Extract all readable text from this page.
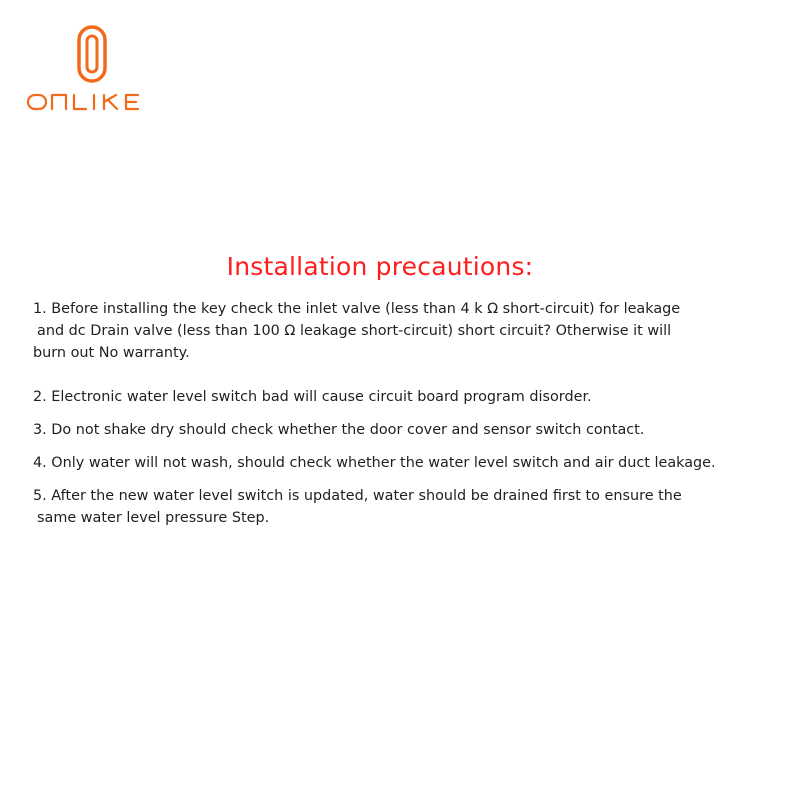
Installation precautions:

1. Before installing the key check the inlet valve (less than 4 k Ω short-circuit) for leakage
and dc Drain valve (less than 100 Ω leakage short-circuit) short circuit? Otherwise it will
burn out No warranty.

2. Electronic water level switch bad will cause circuit board program disorder.

3. Do not shake dry should check whether the door cover and sensor switch contact.

4. Only water will not wash, should check whether the water level switch and air duct leakage.

5. After the new water level switch is updated, water should be drained first to ensure the
same water level pressure Step.
